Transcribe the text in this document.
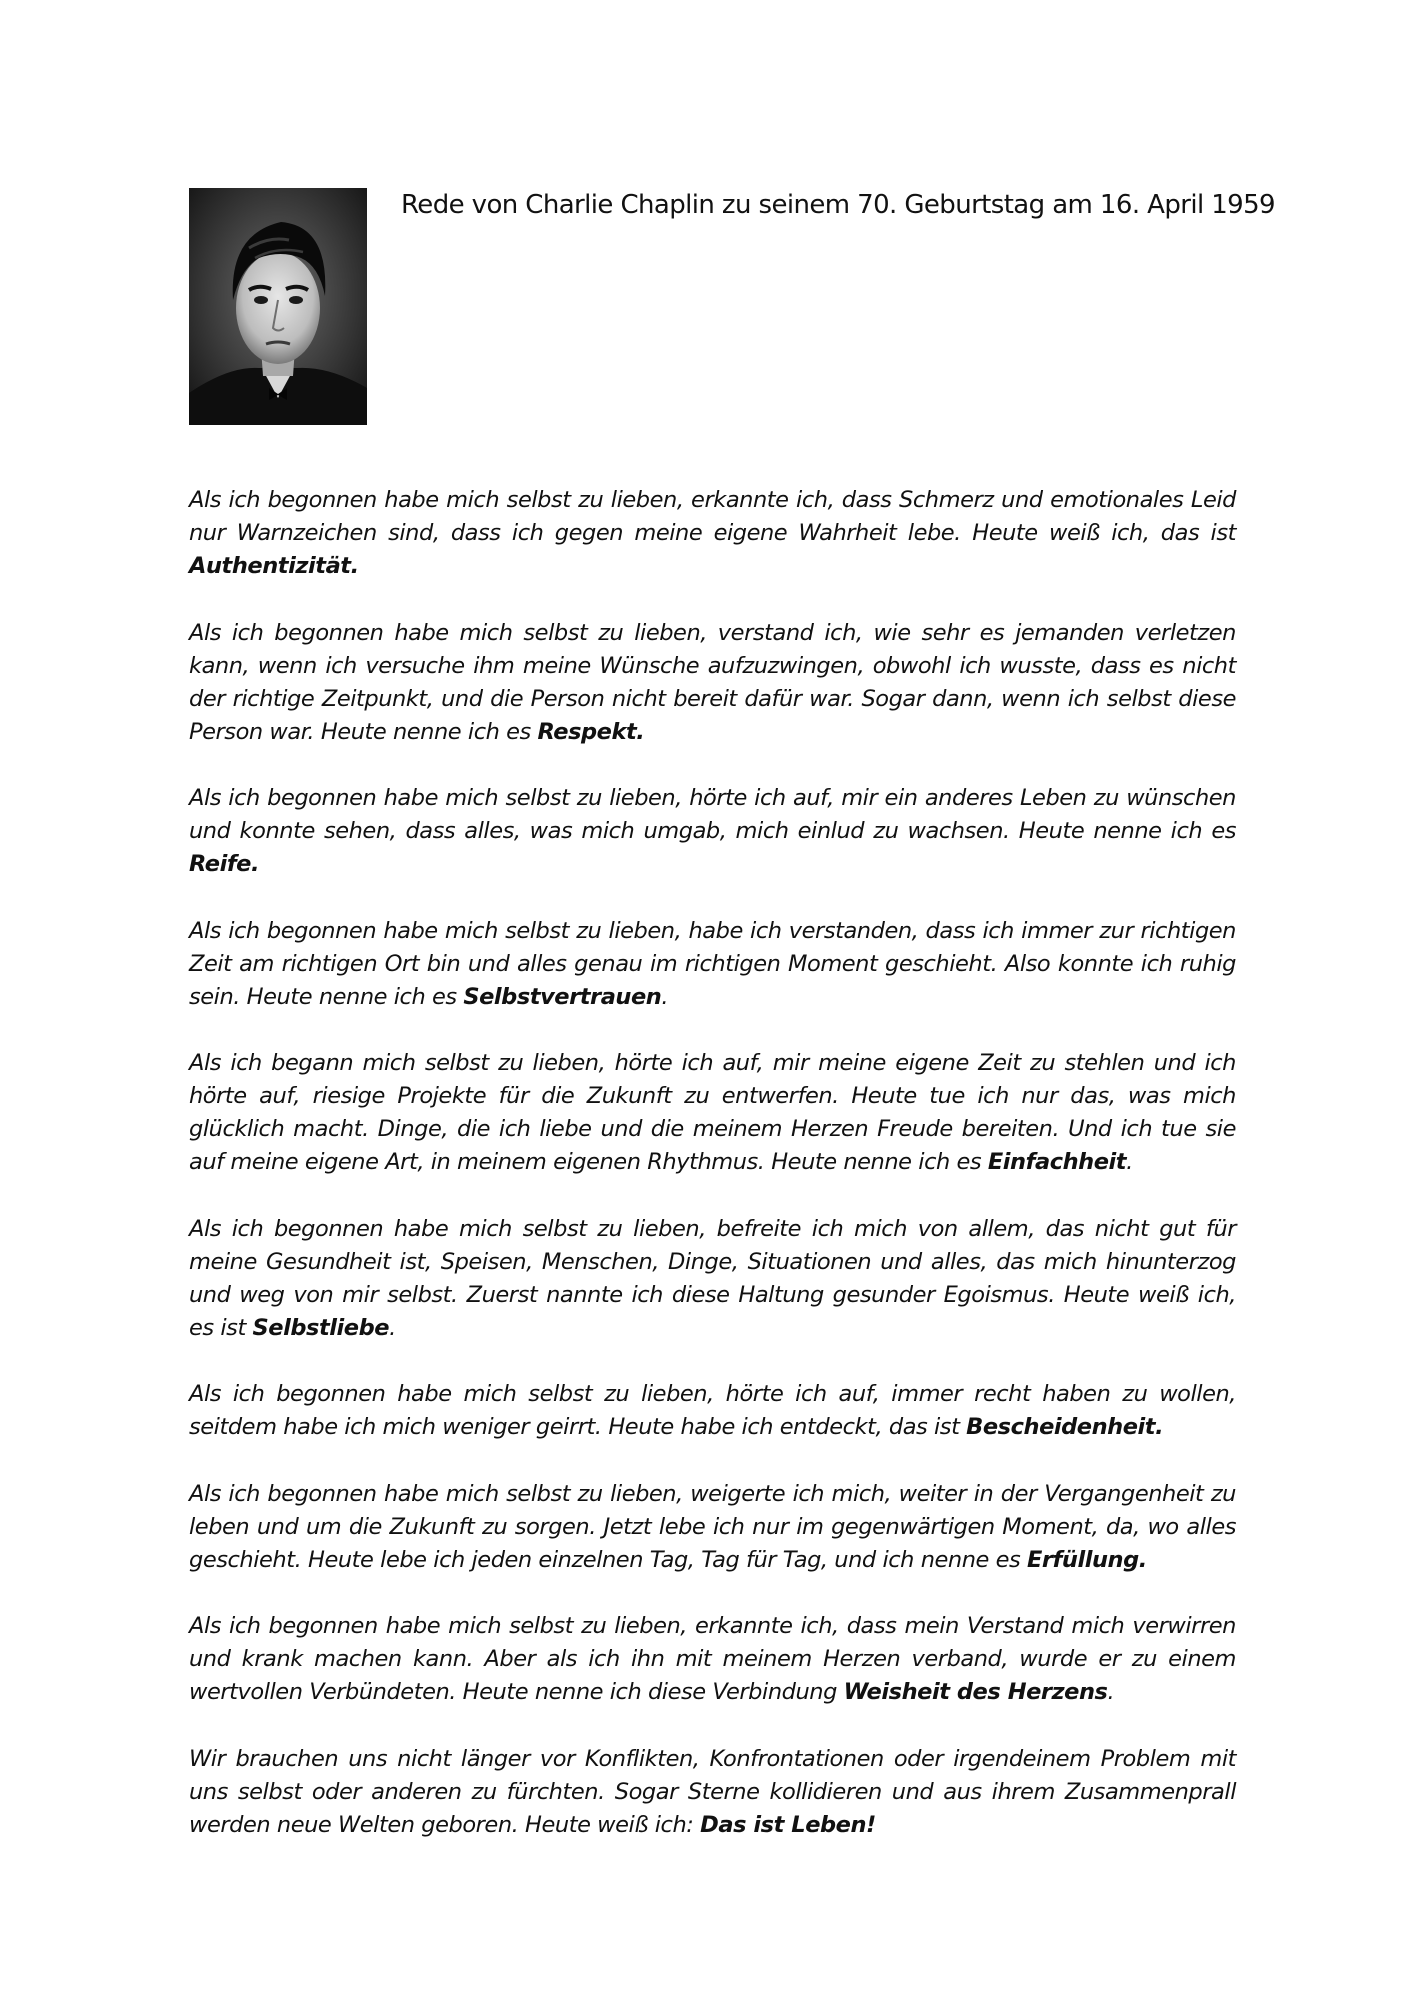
Rede von Charlie Chaplin zu seinem 70. Geburtstag am 16. April 1959

Als ich begonnen habe mich selbst zu lieben, erkannte ich, dass Schmerz und emotionales Leid nur Warnzeichen sind, dass ich gegen meine eigene Wahrheit lebe. Heute weiß ich, das ist Authentizität.

Als ich begonnen habe mich selbst zu lieben, verstand ich, wie sehr es jemanden verletzen kann, wenn ich versuche ihm meine Wünsche aufzuzwingen, obwohl ich wusste, dass es nicht der richtige Zeitpunkt, und die Person nicht bereit dafür war. Sogar dann, wenn ich selbst diese Person war. Heute nenne ich es Respekt.

Als ich begonnen habe mich selbst zu lieben, hörte ich auf, mir ein anderes Leben zu wünschen und konnte sehen, dass alles, was mich umgab, mich einlud zu wachsen. Heute nenne ich es Reife.

Als ich begonnen habe mich selbst zu lieben, habe ich verstanden, dass ich immer zur richtigen Zeit am richtigen Ort bin und alles genau im richtigen Moment geschieht. Also konnte ich ruhig sein. Heute nenne ich es Selbstvertrauen.

Als ich begann mich selbst zu lieben, hörte ich auf, mir meine eigene Zeit zu stehlen und ich hörte auf, riesige Projekte für die Zukunft zu entwerfen. Heute tue ich nur das, was mich glücklich macht. Dinge, die ich liebe und die meinem Herzen Freude bereiten. Und ich tue sie auf meine eigene Art, in meinem eigenen Rhythmus. Heute nenne ich es Einfachheit.

Als ich begonnen habe mich selbst zu lieben, befreite ich mich von allem, das nicht gut für meine Gesundheit ist, Speisen, Menschen, Dinge, Situationen und alles, das mich hinunterzog und weg von mir selbst. Zuerst nannte ich diese Haltung gesunder Egoismus. Heute weiß ich, es ist Selbstliebe.

Als ich begonnen habe mich selbst zu lieben, hörte ich auf, immer recht haben zu wollen, seitdem habe ich mich weniger geirrt. Heute habe ich entdeckt, das ist Bescheidenheit.

Als ich begonnen habe mich selbst zu lieben, weigerte ich mich, weiter in der Vergangenheit zu leben und um die Zukunft zu sorgen. Jetzt lebe ich nur im gegenwärtigen Moment, da, wo alles geschieht. Heute lebe ich jeden einzelnen Tag, Tag für Tag, und ich nenne es Erfüllung.

Als ich begonnen habe mich selbst zu lieben, erkannte ich, dass mein Verstand mich verwirren und krank machen kann. Aber als ich ihn mit meinem Herzen verband, wurde er zu einem wertvollen Verbündeten. Heute nenne ich diese Verbindung Weisheit des Herzens.

Wir brauchen uns nicht länger vor Konflikten, Konfrontationen oder irgendeinem Problem mit uns selbst oder anderen zu fürchten. Sogar Sterne kollidieren und aus ihrem Zusammenprall werden neue Welten geboren. Heute weiß ich: Das ist Leben!
